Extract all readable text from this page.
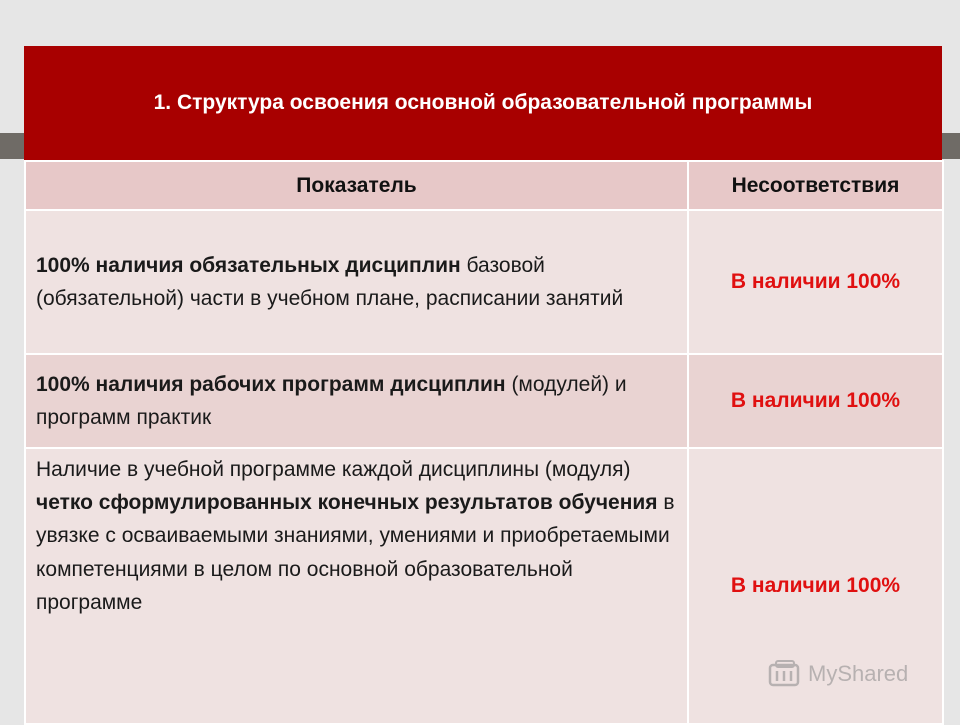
1. Структура освоения основной образовательной программы
Показатель	Несоответствия
100% наличия обязательных дисциплин базовой (обязательной) части в учебном плане, расписании занятий	В наличии 100%
100% наличия рабочих программ дисциплин (модулей) и программ практик	В наличии 100%
Наличие в учебной программе каждой дисциплины (модуля) четко сформулированных конечных результатов обучения в увязке с осваиваемыми знаниями, умениями и приобретаемыми компетенциями в целом по основной образовательной программе	В наличии 100%
MyShared
